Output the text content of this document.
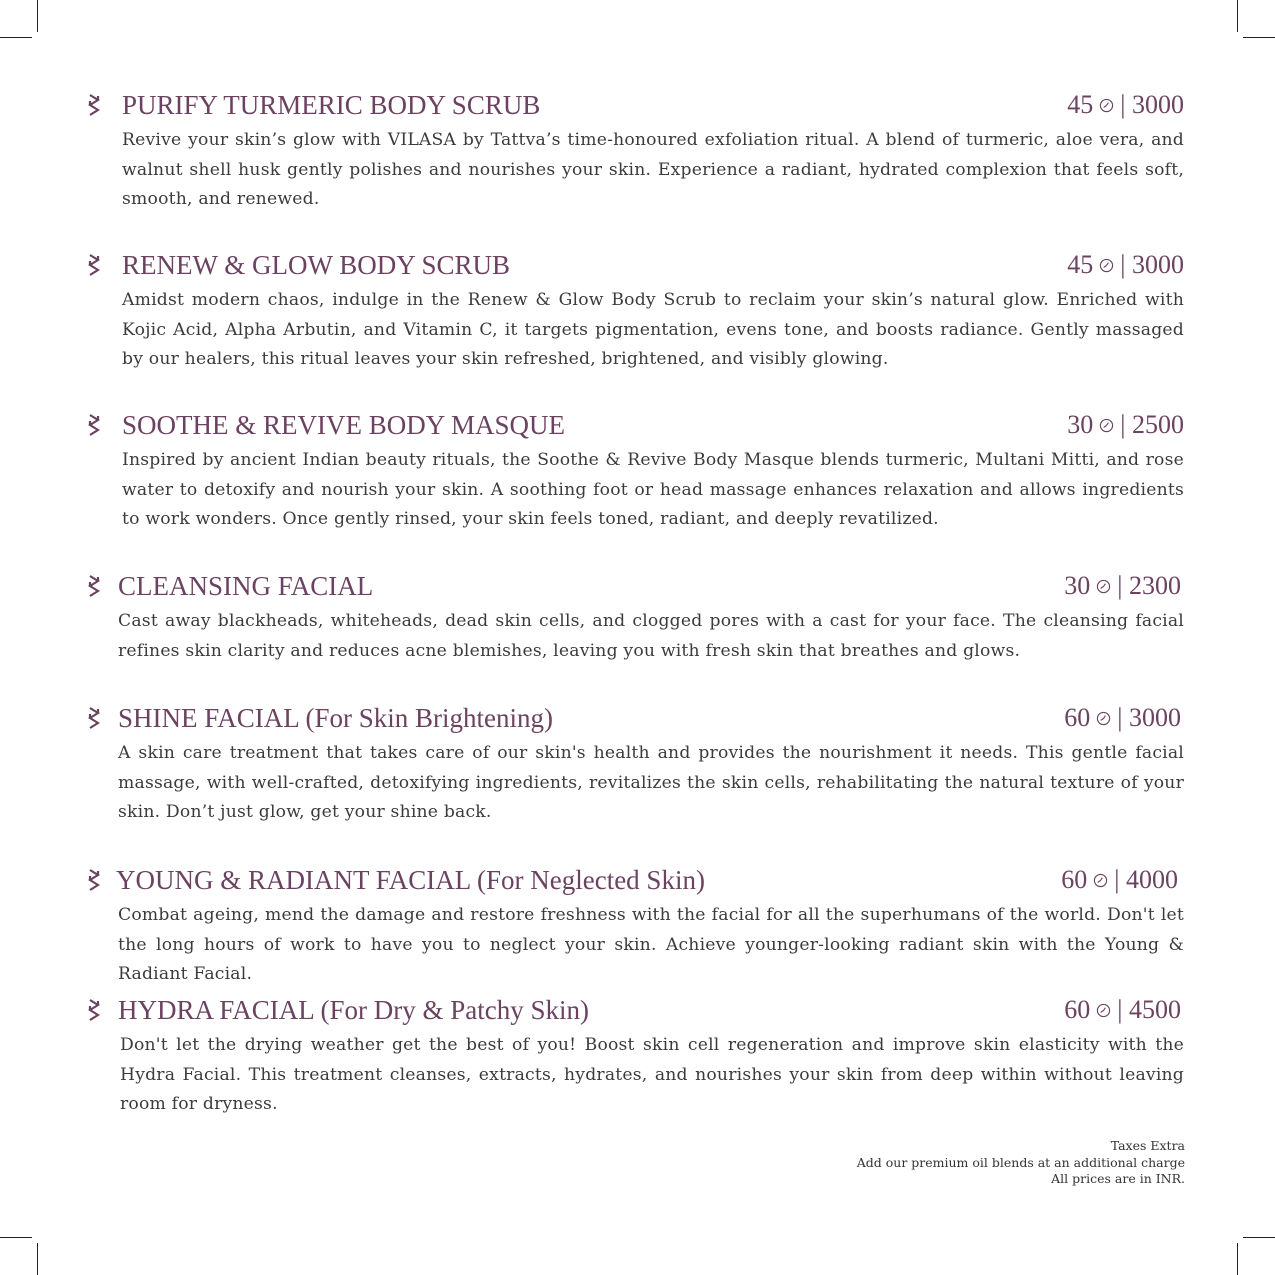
PURIFY TURMERIC BODY SCRUB	45 |
3000
Revive your skin’s glow with VILASA by Tattva’s time-honoured exfoliation ritual. A blend of turmeric, aloe vera, and walnut shell husk gently polishes and nourishes your skin. Experience a radiant, hydrated complexion that feels soft, smooth, and renewed.
RENEW & GLOW BODY SCRUB	45 |
3000
Amidst modern chaos, indulge in the Renew & Glow Body Scrub to reclaim your skin’s natural glow. Enriched with Kojic Acid, Alpha Arbutin, and Vitamin C, it targets pigmentation, evens tone, and boosts radiance. Gently massaged by our healers, this ritual leaves your skin refreshed, brightened, and visibly glowing.
SOOTHE & REVIVE BODY MASQUE	30 |
2500
Inspired by ancient Indian beauty rituals, the Soothe & Revive Body Masque blends turmeric, Multani Mitti, and rose water to detoxify and nourish your skin. A soothing foot or head massage enhances relaxation and allows ingredients to work wonders. Once gently rinsed, your skin feels toned, radiant, and deeply revatilized.
CLEANSING FACIAL	30 |
2300
Cast away blackheads, whiteheads, dead skin cells, and clogged pores with a cast for your face. The cleansing facial refines skin clarity and reduces acne blemishes, leaving you with fresh skin that breathes and glows.
SHINE FACIAL (For Skin Brightening)	60 |
3000
A skin care treatment that takes care of our skin's health and provides the nourishment it needs. This gentle facial massage, with well-crafted, detoxifying ingredients, revitalizes the skin cells, rehabilitating the natural texture of your skin. Don’t just glow, get your shine back.
YOUNG & RADIANT FACIAL (For Neglected Skin)	60 |
4000
Combat ageing, mend the damage and restore freshness with the facial for all the superhumans of the world. Don't let the long hours of work to have you to neglect your skin. Achieve younger-looking radiant skin with the Young & Radiant Facial.
HYDRA FACIAL (For Dry & Patchy Skin)	60 |
4500
Don't let the drying weather get the best of you! Boost skin cell regeneration and improve skin elasticity with the Hydra Facial. This treatment cleanses, extracts, hydrates, and nourishes your skin from deep within without leaving room for dryness.
Taxes Extra
Add our premium oil blends at an additional charge
All prices are in INR.
